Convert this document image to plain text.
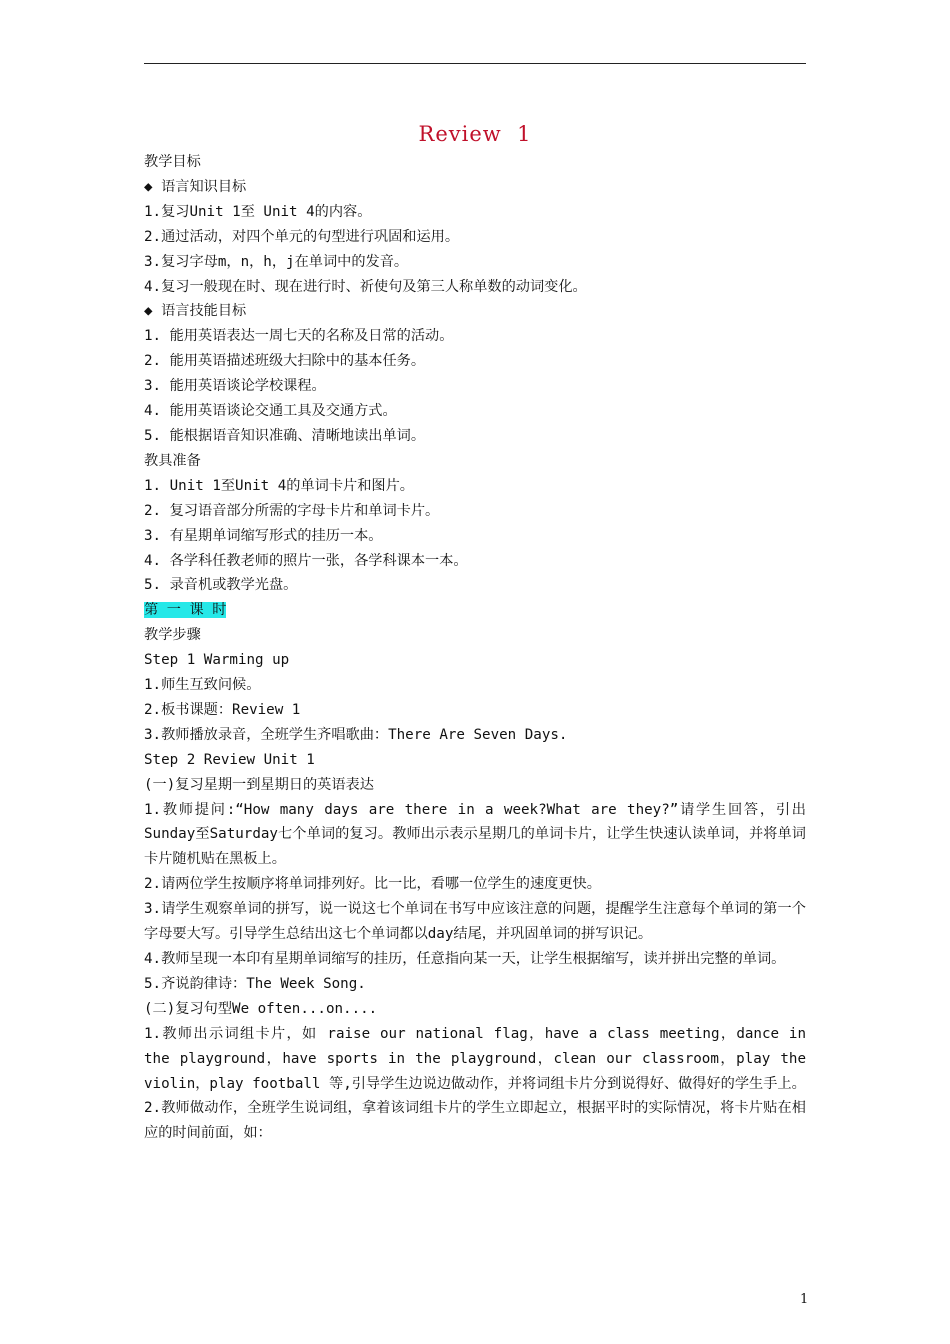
Review  1
教学目标
◆ 语言知识目标
1.复习Unit 1至 Unit 4的内容。
2.通过活动，对四个单元的句型进行巩固和运用。
3.复习字母m，n，h，j在单词中的发音。
4.复习一般现在时、现在进行时、祈使句及第三人称单数的动词变化。
◆ 语言技能目标
1. 能用英语表达一周七天的名称及日常的活动。
2. 能用英语描述班级大扫除中的基本任务。
3. 能用英语谈论学校课程。
4. 能用英语谈论交通工具及交通方式。
5. 能根据语音知识准确、清晰地读出单词。
教具准备
1. Unit 1至Unit 4的单词卡片和图片。
2. 复习语音部分所需的字母卡片和单词卡片。
3. 有星期单词缩写形式的挂历一本。
4. 各学科任教老师的照片一张，各学科课本一本。
5. 录音机或教学光盘。
第 一 课 时
教学步骤
Step 1 Warming up
1.师生互致问候。
2.板书课题：Review 1
3.教师播放录音，全班学生齐唱歌曲：There Are Seven Days.
Step 2 Review Unit 1
(一)复习星期一到星期日的英语表达
1.教师提问:“How many days are there in a week?What are they?”请学生回答，引出Sunday至Saturday七个单词的复习。教师出示表示星期几的单词卡片，让学生快速认读单词，并将单词卡片随机贴在黑板上。
2.请两位学生按顺序将单词排列好。比一比，看哪一位学生的速度更快。
3.请学生观察单词的拼写，说一说这七个单词在书写中应该注意的问题，提醒学生注意每个单词的第一个字母要大写。引导学生总结出这七个单词都以day结尾，并巩固单词的拼写识记。
4.教师呈现一本印有星期单词缩写的挂历，任意指向某一天，让学生根据缩写，读并拼出完整的单词。
5.齐说韵律诗：The Week Song.
(二)复习句型We often...on....
1.教师出示词组卡片，如 raise our national flag，have a class meeting，dance in the playground，have sports in the playground，clean our classroom，play the violin，play football 等,引导学生边说边做动作，并将词组卡片分到说得好、做得好的学生手上。
2.教师做动作，全班学生说词组，拿着该词组卡片的学生立即起立，根据平时的实际情况，将卡片贴在相应的时间前面，如：
1
